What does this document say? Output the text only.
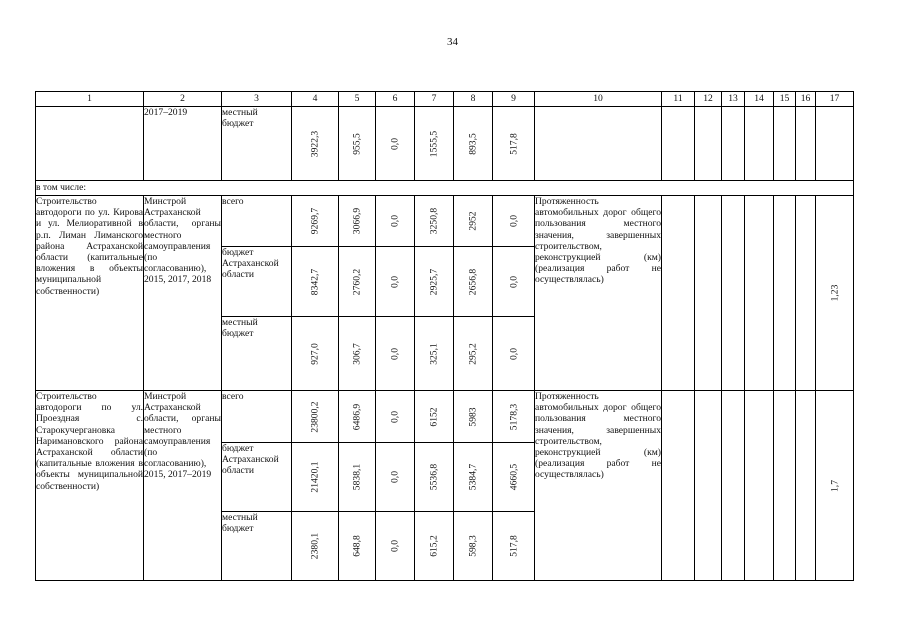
34
1	2	3	4	5	6	7	8	9	10	11	12	13	14	15	16	17
	2017–2019	местный бюджет	3922,3	955,5	0,0	1555,5	893,5	517,8								

в том числе:																
Строительство автодороги по ул. Кирова и ул. Мелиоративной в р.п. Лиман Лиманского района Астраханской области (капитальные вложения в объекты муниципальной собственности)	Минстрой Астраханской области, органы местного самоуправления (по согласованию), 2015, 2017, 2018	всего	9269,7	3066,9	0,0	3250,8	2952	0,0	Протяженность автомобильных дорог общего пользования местного значения, завершенных строительством, реконструкцией (км) (реализация работ не осуществлялась)							1,23

		бюджет Астраханской области	8342,7	2760,2	0,0	2925,7	2656,8	0,0								

		местный бюджет	927,0	306,7	0,0	325,1	295,2	0,0								

Строительство автодороги по ул. Проездная с. Старокучергановка Наримановского района Астраханской области (капитальные вложения в объекты муниципальной собственности)	Минстрой Астраханской области, органы местного самоуправления (по согласованию), 2015, 2017–2019	всего	23800,2	6486,9	0,0	6152	5983	5178,3	Протяженность автомобильных дорог общего пользования местного значения, завершенных строительством, реконструкцией (км) (реализация работ не осуществлялась)							1,7

		бюджет Астраханской области	21420,1	5838,1	0,0	5536,8	5384,7	4660,5								

		местный бюджет	2380,1	648,8	0,0	615,2	598,3	517,8								
